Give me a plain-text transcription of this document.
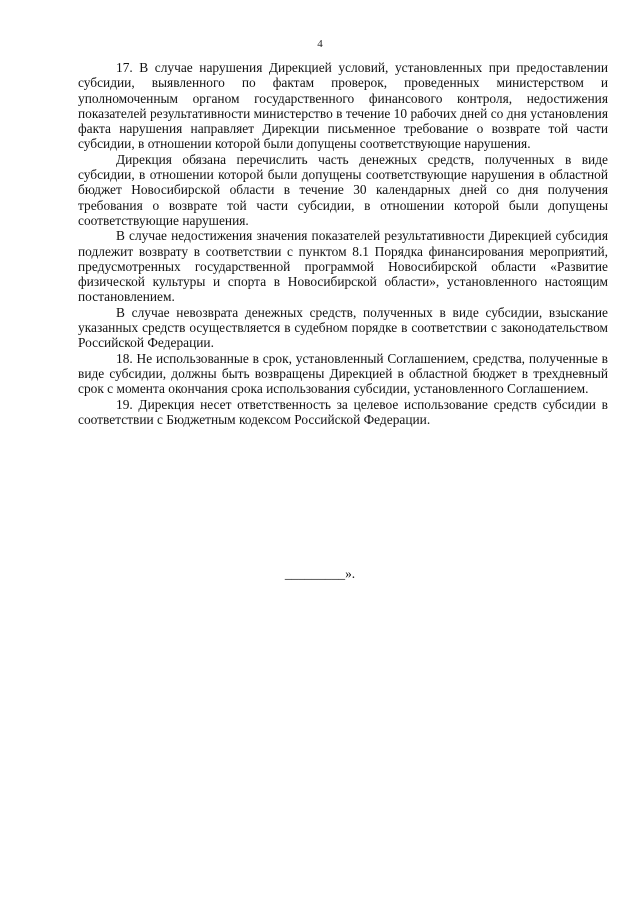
4

17. В случае нарушения Дирекцией условий, установленных при предоставлении субсидии, выявленного по фактам проверок, проведенных министерством и уполномоченным органом государственного финансового контроля, недостижения показателей результативности министерство в течение 10 рабочих дней со дня установления факта нарушения направляет Дирекции письменное требование о возврате той части субсидии, в отношении которой были допущены соответствующие нарушения.

Дирекция обязана перечислить часть денежных средств, полученных в виде субсидии, в отношении которой были допущены соответствующие нарушения в областной бюджет Новосибирской области в течение 30 календарных дней со дня получения требования о возврате той части субсидии, в отношении которой были допущены соответствующие нарушения.

В случае недостижения значения показателей результативности Дирекцией субсидия подлежит возврату в соответствии с пунктом 8.1 Порядка финансирования мероприятий, предусмотренных государственной программой Новосибирской области «Развитие физической культуры и спорта в Новосибирской области», установленного настоящим постановлением.

В случае невозврата денежных средств, полученных в виде субсидии, взыскание указанных средств осуществляется в судебном порядке в соответствии с законодательством Российской Федерации.

18. Не использованные в срок, установленный Соглашением, средства, полученные в виде субсидии, должны быть возвращены Дирекцией в областной бюджет в трехдневный срок с момента окончания срока использования субсидии, установленного Соглашением.

19. Дирекция несет ответственность за целевое использование средств субсидии в соответствии с Бюджетным кодексом Российской Федерации.

_________».
